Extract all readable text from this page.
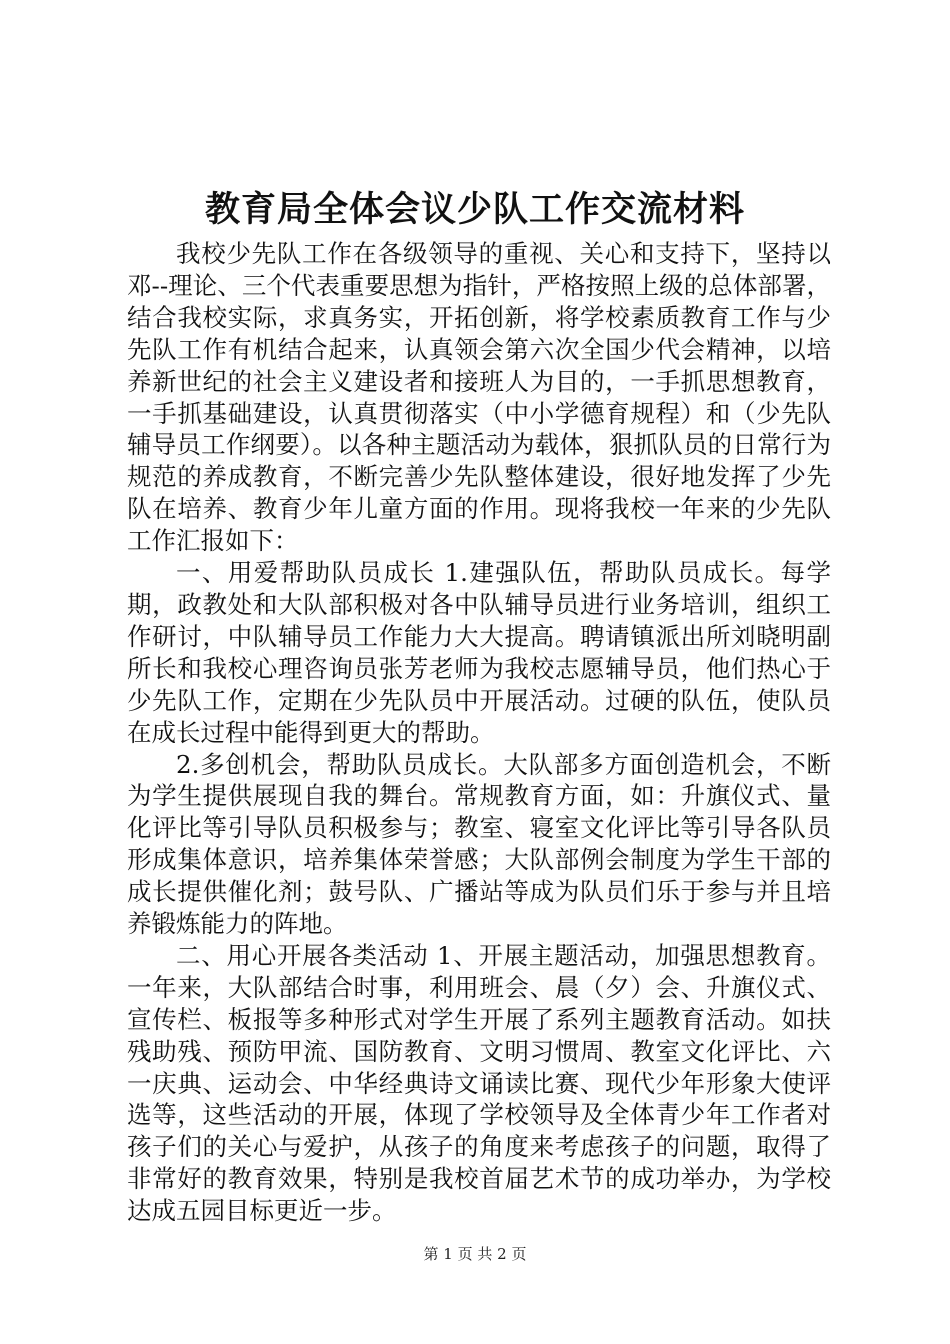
教育局全体会议少队工作交流材料

我校少先队工作在各级领导的重视、关心和支持下，坚持以邓--理论、三个代表重要思想为指针，严格按照上级的总体部署，结合我校实际，求真务实，开拓创新，将学校素质教育工作与少先队工作有机结合起来，认真领会第六次全国少代会精神，以培养新世纪的社会主义建设者和接班人为目的，一手抓思想教育，一手抓基础建设，认真贯彻落实（中小学德育规程）和（少先队辅导员工作纲要）。以各种主题活动为载体，狠抓队员的日常行为规范的养成教育，不断完善少先队整体建设，很好地发挥了少先队在培养、教育少年儿童方面的作用。现将我校一年来的少先队工作汇报如下：

一、用爱帮助队员成长 1.建强队伍，帮助队员成长。每学期，政教处和大队部积极对各中队辅导员进行业务培训，组织工作研讨，中队辅导员工作能力大大提高。聘请镇派出所刘晓明副所长和我校心理咨询员张芳老师为我校志愿辅导员，他们热心于少先队工作，定期在少先队员中开展活动。过硬的队伍，使队员在成长过程中能得到更大的帮助。

2.多创机会，帮助队员成长。大队部多方面创造机会，不断为学生提供展现自我的舞台。常规教育方面，如：升旗仪式、量化评比等引导队员积极参与；教室、寝室文化评比等引导各队员形成集体意识，培养集体荣誉感；大队部例会制度为学生干部的成长提供催化剂；鼓号队、广播站等成为队员们乐于参与并且培养锻炼能力的阵地。

二、用心开展各类活动 1、开展主题活动，加强思想教育。一年来，大队部结合时事，利用班会、晨（夕）会、升旗仪式、宣传栏、板报等多种形式对学生开展了系列主题教育活动。如扶残助残、预防甲流、国防教育、文明习惯周、教室文化评比、六一庆典、运动会、中华经典诗文诵读比赛、现代少年形象大使评选等，这些活动的开展，体现了学校领导及全体青少年工作者对孩子们的关心与爱护，从孩子的角度来考虑孩子的问题，取得了非常好的教育效果，特别是我校首届艺术节的成功举办，为学校达成五园目标更近一步。

第 1 页 共 2 页
